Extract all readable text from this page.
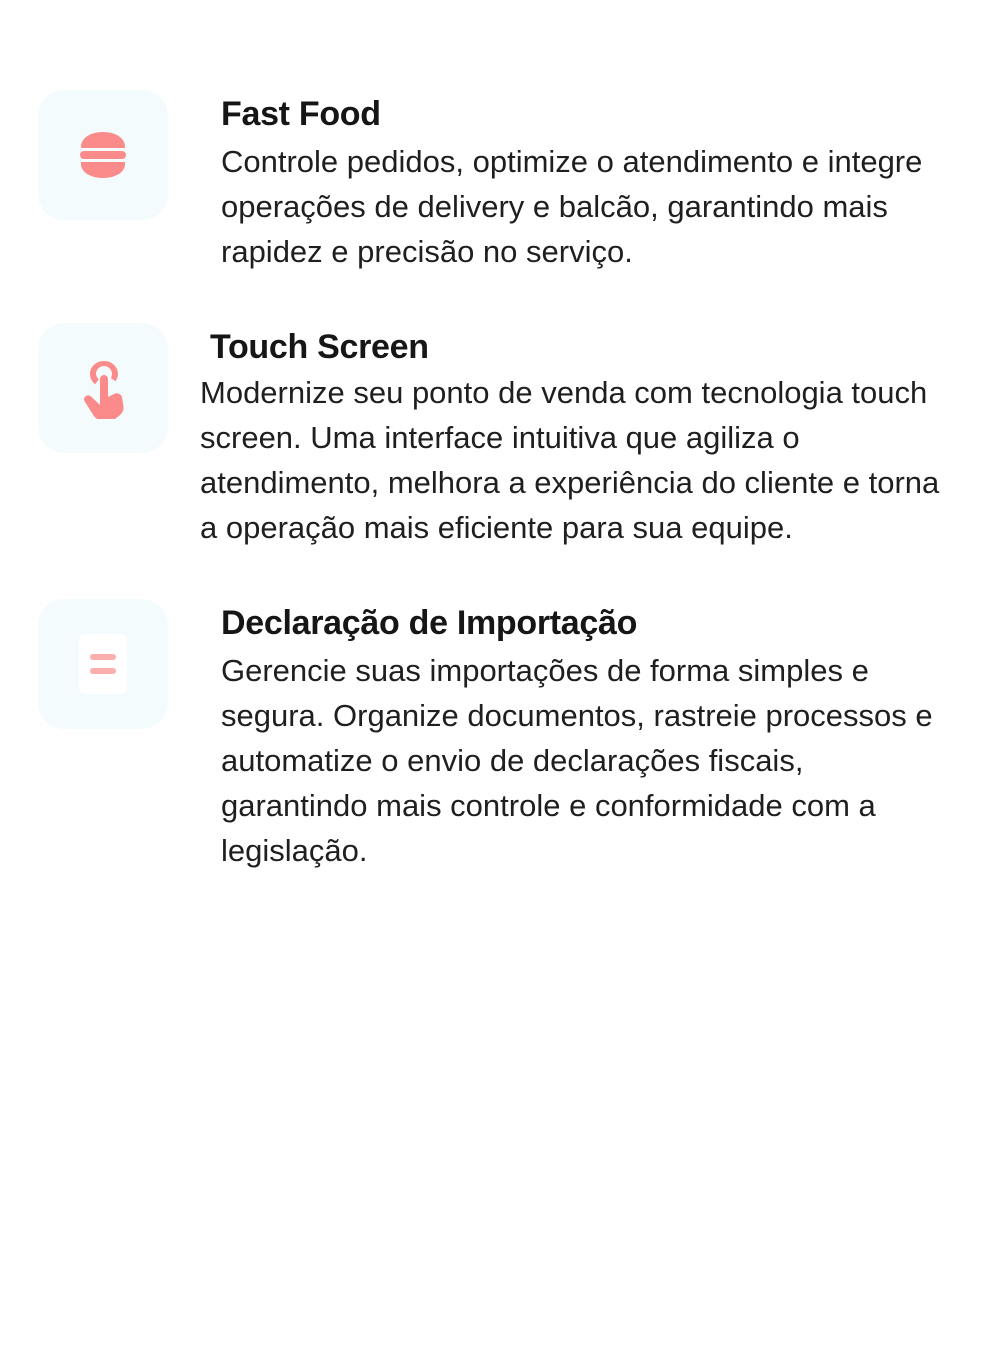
Fast Food

Controle pedidos, optimize o atendimento e integre operações de delivery e balcão, garantindo mais rapidez e precisão no serviço.

Touch Screen

Modernize seu ponto de venda com tecnologia touch screen. Uma interface intuitiva que agiliza o atendimento, melhora a experiência do cliente e torna a operação mais eficiente para sua equipe.

Declaração de Importação

Gerencie suas importações de forma simples e segura. Organize documentos, rastreie processos e automatize o envio de declarações fiscais, garantindo mais controle e conformidade com a legislação.
